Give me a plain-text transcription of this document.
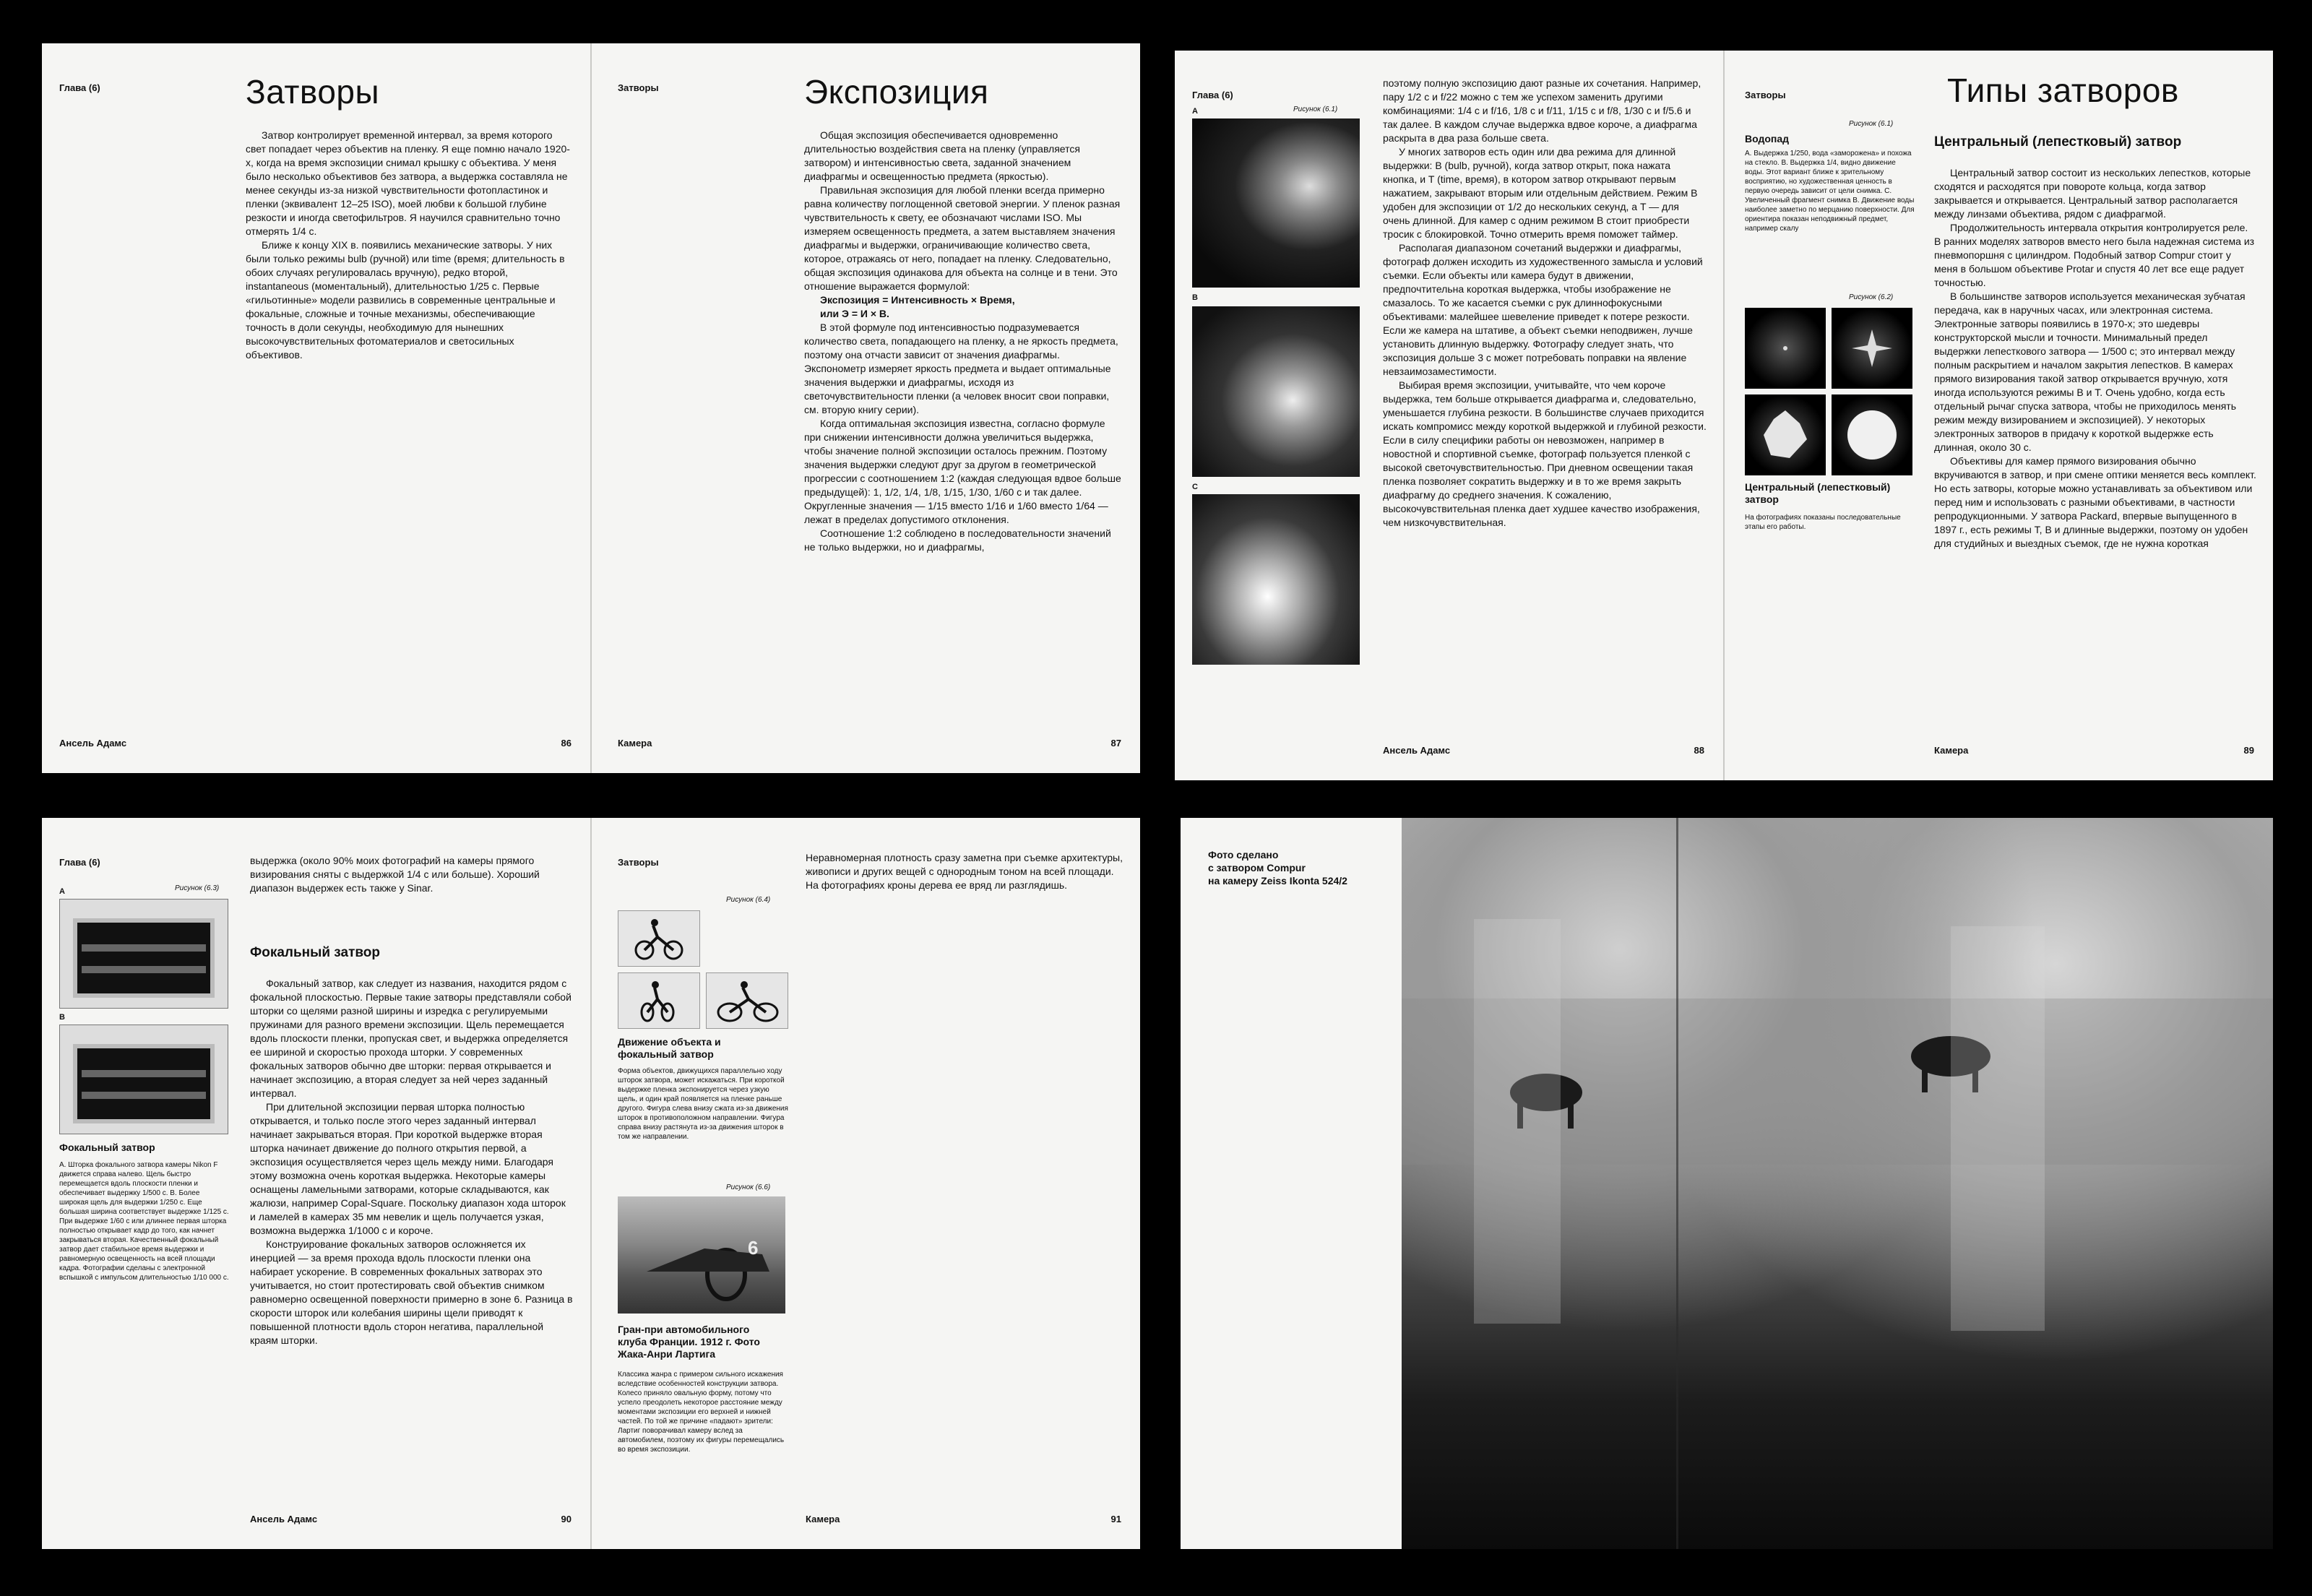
Глава (6)	Затворы

Затвор контролирует временной интервал, за время которого свет попадает через объектив на пленку. Я еще помню начало 1920-х, когда на время экспозиции снимал крышку с объектива. У меня было несколько объективов без затвора, а выдержка составляла не менее секунды из-за низкой чувствительности фотопластинок и пленки (эквивалент 12–25 ISO), моей любви к большой глубине резкости и иногда светофильтров. Я научился сравнительно точно отмерять 1/4 с.

Ближе к концу XIX в. появились механические затворы. У них были только режимы bulb (ручной) или time (время; длительность в обоих случаях регулировалась вручную), редко второй, instantaneous (моментальный), длительностью 1/25 с. Первые «гильотинные» модели развились в современные центральные и фокальные, сложные и точные механизмы, обеспечивающие точность в доли секунды, необходимую для нынешних высокочувствительных фотоматериалов и светосильных объективов.

Ансель Адамс	86
Затворы	Экспозиция

Общая экспозиция обеспечивается одновременно длительностью воздействия света на пленку (управляется затвором) и интенсивностью света, заданной значением диафрагмы и освещенностью предмета (яркостью).

Правильная экспозиция для любой пленки всегда примерно равна количеству поглощенной световой энергии. У пленок разная чувствительность к свету, ее обозначают числами ISO. Мы измеряем освещенность предмета, а затем выставляем значения диафрагмы и выдержки, ограничивающие количество света, которое, отражаясь от него, попадает на пленку. Следовательно, общая экспозиция одинакова для объекта на солнце и в тени. Это отношение выражается формулой:

Экспозиция = Интенсивность × Время,

или Э = И × В.

В этой формуле под интенсивностью подразумевается количество света, попадающего на пленку, а не яркость предмета, поэтому она отчасти зависит от значения диафрагмы. Экспонометр измеряет яркость предмета и выдает оптимальные значения выдержки и диафрагмы, исходя из светочувствительности пленки (а человек вносит свои поправки, см. вторую книгу серии).

Когда оптимальная экспозиция известна, согласно формуле при снижении интенсивности должна увеличиться выдержка, чтобы значение полной экспозиции осталось прежним. Поэтому значения выдержки следуют друг за другом в геометрической прогрессии с соотношением 1:2 (каждая следующая вдвое больше предыдущей): 1, 1/2, 1/4, 1/8, 1/15, 1/30, 1/60 с и так далее. Округленные значения — 1/15 вместо 1/16 и 1/60 вместо 1/64 — лежат в пределах допустимого отклонения.

Соотношение 1:2 соблюдено в последовательности значений не только выдержки, но и диафрагмы,

Камера	87
Глава (6)
Рисунок (6.1)
A
B
C

поэтому полную экспозицию дают разные их сочетания. Например, пару 1/2 с и f/22 можно с тем же успехом заменить другими комбинациями: 1/4 с и f/16, 1/8 с и f/11, 1/15 с и f/8, 1/30 с и f/5.6 и так далее. В каждом случае выдержка вдвое короче, а диафрагма раскрыта в два раза больше света.

У многих затворов есть один или два режима для длинной выдержки: B (bulb, ручной), когда затвор открыт, пока нажата кнопка, и T (time, время), в котором затвор открывают первым нажатием, закрывают вторым или отдельным действием. Режим B удобен для экспозиции от 1/2 до нескольких секунд, а T — для очень длинной. Для камер с одним режимом B стоит приобрести тросик с блокировкой. Точно отмерить время поможет таймер.

Располагая диапазоном сочетаний выдержки и диафрагмы, фотограф должен исходить из художественного замысла и условий съемки. Если объекты или камера будут в движении, предпочтительна короткая выдержка, чтобы изображение не смазалось. То же касается съемки с рук длиннофокусными объективами: малейшее шевеление приведет к потере резкости. Если же камера на штативе, а объект съемки неподвижен, лучше установить длинную выдержку. Фотографу следует знать, что экспозиция дольше 3 с может потребовать поправки на явление невзаимозаместимости.

Выбирая время экспозиции, учитывайте, что чем короче выдержка, тем больше открывается диафрагма и, следовательно, уменьшается глубина резкости. В большинстве случаев приходится искать компромисс между короткой выдержкой и глубиной резкости. Если в силу специфики работы он невозможен, например в новостной и спортивной съемке, фотограф пользуется пленкой с высокой светочувствительностью. При дневном освещении такая пленка позволяет сократить выдержку и в то же время закрыть диафрагму до среднего значения. К сожалению, высокочувствительная пленка дает худшее качество изображения, чем низкочувствительная.

Ансель Адамс	88
Затворы	Типы затворов
Рисунок (6.1)
Водопад
A. Выдержка 1/250, вода «заморожена» и похожа на стекло. B. Выдержка 1/4, видно движение воды. Этот вариант ближе к зрительному восприятию, но художественная ценность в первую очередь зависит от цели снимка. C. Увеличенный фрагмент снимка B. Движение воды наиболее заметно по мерцанию поверхности. Для ориентира показан неподвижный предмет, например скалу
Рисунок (6.2)
Центральный (лепестковый) затвор
На фотографиях показаны последовательные этапы его работы.
Центральный (лепестковый) затвор

Центральный затвор состоит из нескольких лепестков, которые сходятся и расходятся при повороте кольца, когда затвор закрывается и открывается. Центральный затвор располагается между линзами объектива, рядом с диафрагмой.

Продолжительность интервала открытия контролируется реле. В ранних моделях затворов вместо него была надежная система из пневмопоршня с цилиндром. Подобный затвор Compur стоит у меня в большом объективе Protar и спустя 40 лет все еще радует точностью.

В большинстве затворов используется механическая зубчатая передача, как в наручных часах, или электронная система. Электронные затворы появились в 1970-х; это шедевры конструкторской мысли и точности. Минимальный предел выдержки лепесткового затвора — 1/500 с; это интервал между полным раскрытием и началом закрытия лепестков. В камерах прямого визирования такой затвор открывается вручную, хотя иногда используются режимы B и T. Очень удобно, когда есть отдельный рычаг спуска затвора, чтобы не приходилось менять режим между визированием и экспозицией). У некоторых электронных затворов в придачу к короткой выдержке есть длинная, около 30 с.

Объективы для камер прямого визирования обычно вкручиваются в затвор, и при смене оптики меняется весь комплект. Но есть затворы, которые можно устанавливать за объективом или перед ним и использовать с разными объективами, в частности репродукционными. У затвора Packard, впервые выпущенного в 1897 г., есть режимы T, B и длинные выдержки, поэтому он удобен для студийных и выездных съемок, где не нужна короткая

Камера	89
Глава (6)
Рисунок (6.3)
A
B
Фокальный затвор
A. Шторка фокального затвора камеры Nikon F движется справа налево. Щель быстро перемещается вдоль плоскости пленки и обеспечивает выдержку 1/500 с. B. Более широкая щель для выдержки 1/250 с. Еще большая ширина соответствует выдержке 1/125 с. При выдержке 1/60 с или длиннее первая шторка полностью открывает кадр до того, как начнет закрываться вторая. Качественный фокальный затвор дает стабильное время выдержки и равномерную освещенность на всей площади кадра. Фотографии сделаны с электронной вспышкой с импульсом длительностью 1/10 000 с.

выдержка (около 90% моих фотографий на камеры прямого визирования сняты с выдержкой 1/4 с или больше). Хороший диапазон выдержек есть также у Sinar.

Фокальный затвор

Фокальный затвор, как следует из названия, находится рядом с фокальной плоскостью. Первые такие затворы представляли собой шторки со щелями разной ширины и изредка с регулируемыми пружинами для разного времени экспозиции. Щель перемещается вдоль плоскости пленки, пропуская свет, и выдержка определяется ее шириной и скоростью прохода шторки. У современных фокальных затворов обычно две шторки: первая открывается и начинает экспозицию, а вторая следует за ней через заданный интервал.

При длительной экспозиции первая шторка полностью открывается, и только после этого через заданный интервал начинает закрываться вторая. При короткой выдержке вторая шторка начинает движение до полного открытия первой, а экспозиция осуществляется через щель между ними. Благодаря этому возможна очень короткая выдержка. Некоторые камеры оснащены ламельными затворами, которые складываются, как жалюзи, например Copal-Square. Поскольку диапазон хода шторок и ламелей в камерах 35 мм невелик и щель получается узкая, возможна выдержка 1/1000 с и короче.

Конструирование фокальных затворов осложняется их инерцией — за время прохода вдоль плоскости пленки она набирает ускорение. В современных фокальных затворах это учитывается, но стоит протестировать свой объектив снимком равномерно освещенной поверхности примерно в зоне 6. Разница в скорости шторок или колебания ширины щели приводят к повышенной плотности вдоль сторон негатива, параллельной краям шторки.

Ансель Адамс	90
Затворы	Неравномерная плотность сразу заметна при съемке архитектуры, живописи и других вещей с однородным тоном на всей площади. На фотографиях кроны дерева ее вряд ли разглядишь.

Рисунок (6.4)
Движение объекта и фокальный затвор
Форма объектов, движущихся параллельно ходу шторок затвора, может искажаться. При короткой выдержке пленка экспонируется через узкую щель, и один край появляется на пленке раньше другого. Фигура слева внизу сжата из-за движения шторок в противоположном направлении. Фигура справа внизу растянута из-за движения шторок в том же направлении.
Рисунок (6.6)
6
Гран-при автомобильного клуба Франции. 1912 г. Фото Жака-Анри Лартига
Классика жанра с примером сильного искажения вследствие особенностей конструкции затвора. Колесо приняло овальную форму, потому что успело преодолеть некоторое расстояние между моментами экспозиции его верхней и нижней частей. По той же причине «падают» зрители: Лартиг поворачивал камеру вслед за автомобилем, поэтому их фигуры перемещались во время экспозиции.
Камера	91
Фото сделано
с затвором Compur
на камеру Zeiss Ikonta 524/2
